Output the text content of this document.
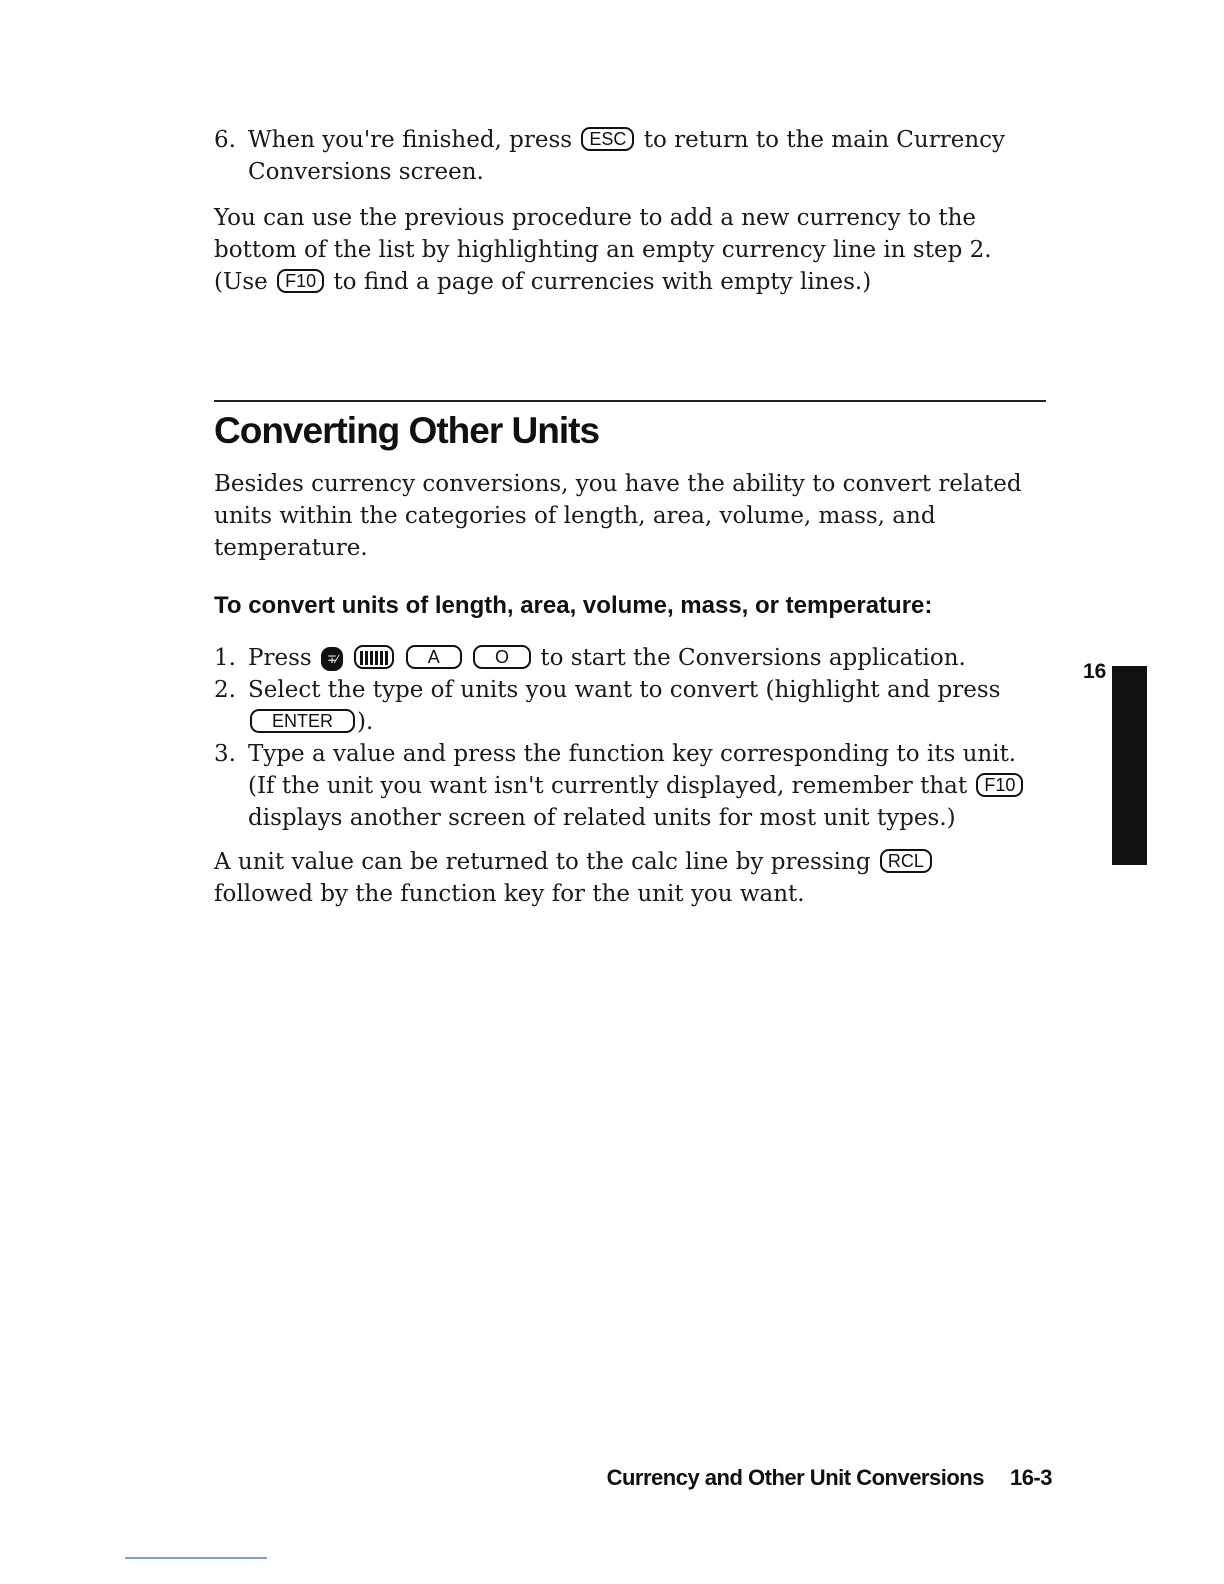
6. When you're finished, press ESC to return to the main Currency Conversions screen.
You can use the previous procedure to add a new currency to the bottom of the list by highlighting an empty currency line in step 2. (Use F10 to find a page of currencies with empty lines.)
Converting Other Units
Besides currency conversions, you have the ability to convert related units within the categories of length, area, volume, mass, and temperature.
To convert units of length, area, volume, mass, or temperature:
1. Press ∓∕	A	O to start the Conversions application.
2. Select the type of units you want to convert (highlight and press ENTER ).
3. Type a value and press the function key corresponding to its unit. (If the unit you want isn't currently displayed, remember that F10 displays another screen of related units for most unit types.)
A unit value can be returned to the calc line by pressing RCL followed by the function key for the unit you want.
16
Currency and Other Unit Conversions 16-3
